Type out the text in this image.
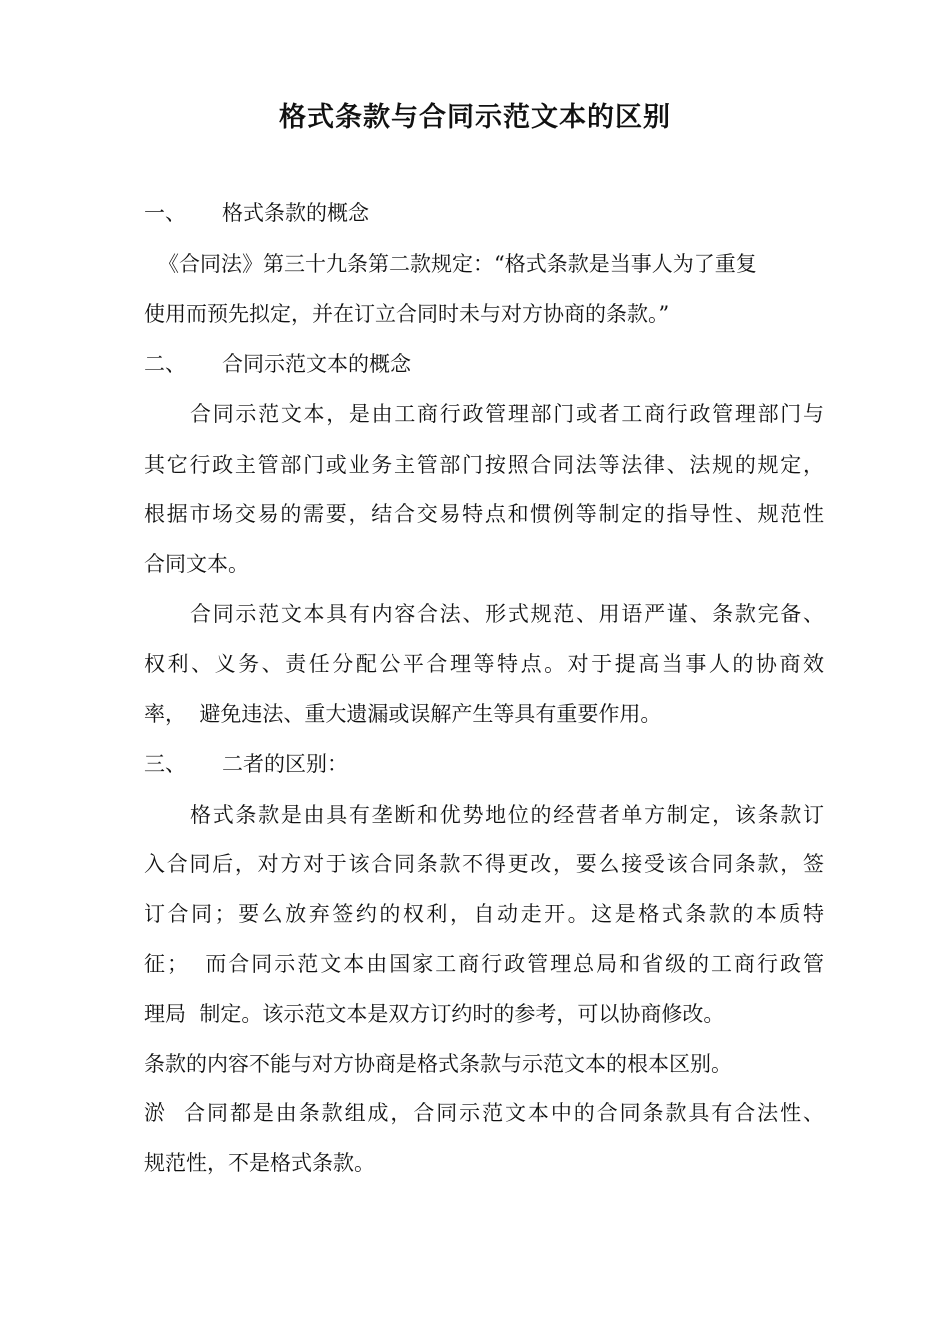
格式条款与合同示范文本的区别
一、 格式条款的概念
《合同法》第三十九条第二款规定：“格式条款是当事人为了重复
使用而预先拟定，并在订立合同时未与对方协商的条款。”
二、 合同示范文本的概念
合同示范文本，是由工商行政管理部门或者工商行政管理部门与
其它行政主管部门或业务主管部门按照合同法等法律、法规的规定，
根据市场交易的需要，结合交易特点和惯例等制定的指导性、规范性
合同文本。
合同示范文本具有内容合法、形式规范、用语严谨、条款完备、
权利、义务、责任分配公平合理等特点。对于提高当事人的协商效
率，  避免违法、重大遗漏或误解产生等具有重要作用。
三、 二者的区别：
格式条款是由具有垄断和优势地位的经营者单方制定，该条款订
入合同后，对方对于该合同条款不得更改，要么接受该合同条款，签
订合同；要么放弃签约的权利，自动走开。这是格式条款的本质特
征；  而合同示范文本由国家工商行政管理总局和省级的工商行政管
理局  制定。该示范文本是双方订约时的参考，可以协商修改。
条款的内容不能与对方协商是格式条款与示范文本的根本区别。
淤  合同都是由条款组成，合同示范文本中的合同条款具有合法性、
规范性，不是格式条款。
